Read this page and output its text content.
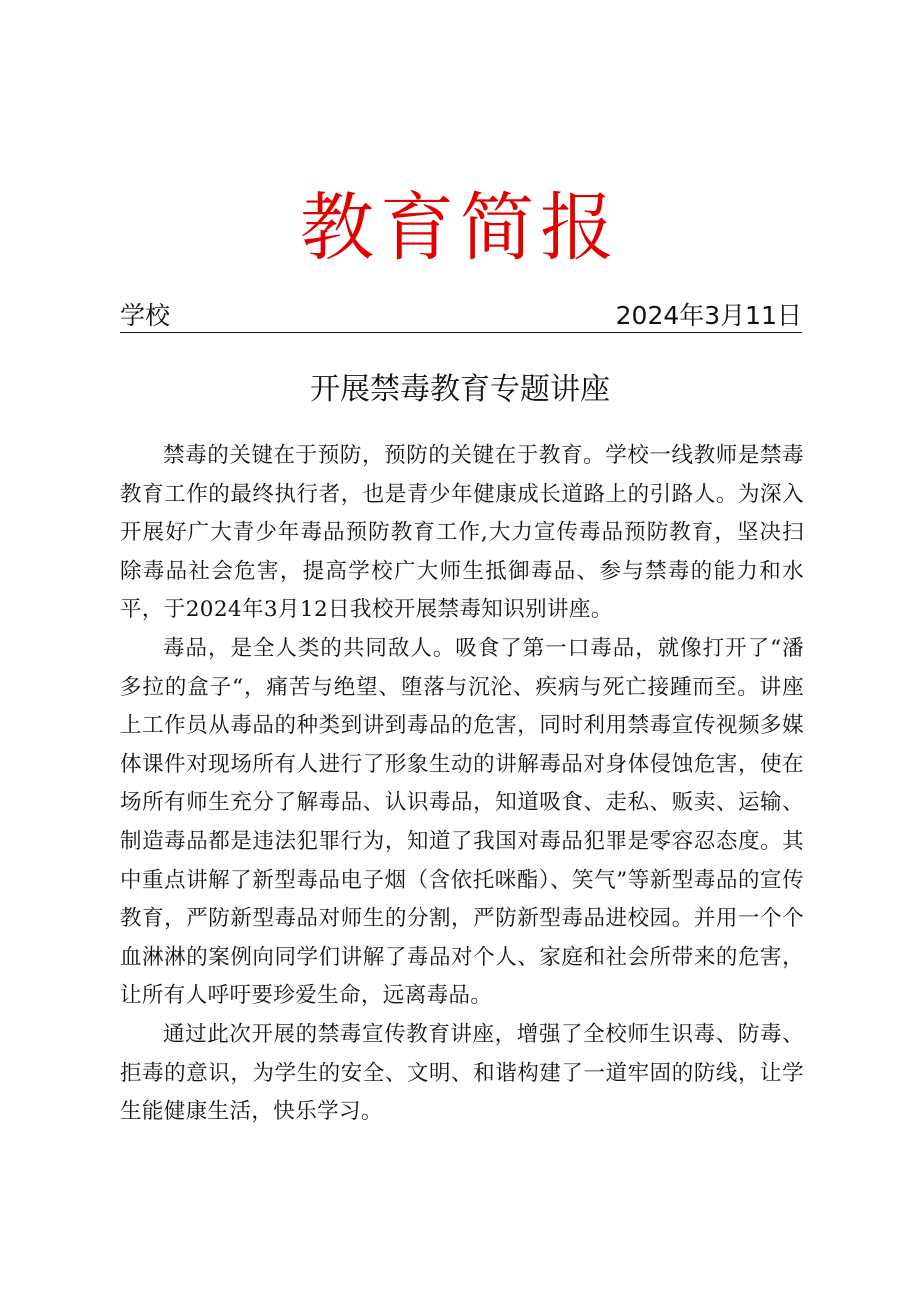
教育简报
学校	2024年3月11日
开展禁毒教育专题讲座

禁毒的关键在于预防，预防的关键在于教育。学校一线教师是禁毒教育工作的最终执行者，也是青少年健康成长道路上的引路人。为深入开展好广大青少年毒品预防教育工作,大力宣传毒品预防教育，坚决扫除毒品社会危害，提高学校广大师生抵御毒品、参与禁毒的能力和水平，于2024年3月12日我校开展禁毒知识别讲座。

毒品，是全人类的共同敌人。吸食了第一口毒品，就像打开了“潘多拉的盒子“，痛苦与绝望、堕落与沉沦、疾病与死亡接踵而至。讲座上工作员从毒品的种类到讲到毒品的危害，同时利用禁毒宣传视频多媒体课件对现场所有人进行了形象生动的讲解毒品对身体侵蚀危害，使在场所有师生充分了解毒品、认识毒品，知道吸食、走私、贩卖、运输、制造毒品都是违法犯罪行为，知道了我国对毒品犯罪是零容忍态度。其中重点讲解了新型毒品电子烟（含依托咪酯）、笑气”等新型毒品的宣传教育，严防新型毒品对师生的分割，严防新型毒品进校园。并用一个个血淋淋的案例向同学们讲解了毒品对个人、家庭和社会所带来的危害，让所有人呼吁要珍爱生命，远离毒品。

通过此次开展的禁毒宣传教育讲座，增强了全校师生识毒、防毒、拒毒的意识，为学生的安全、文明、和谐构建了一道牢固的防线，让学生能健康生活，快乐学习。
